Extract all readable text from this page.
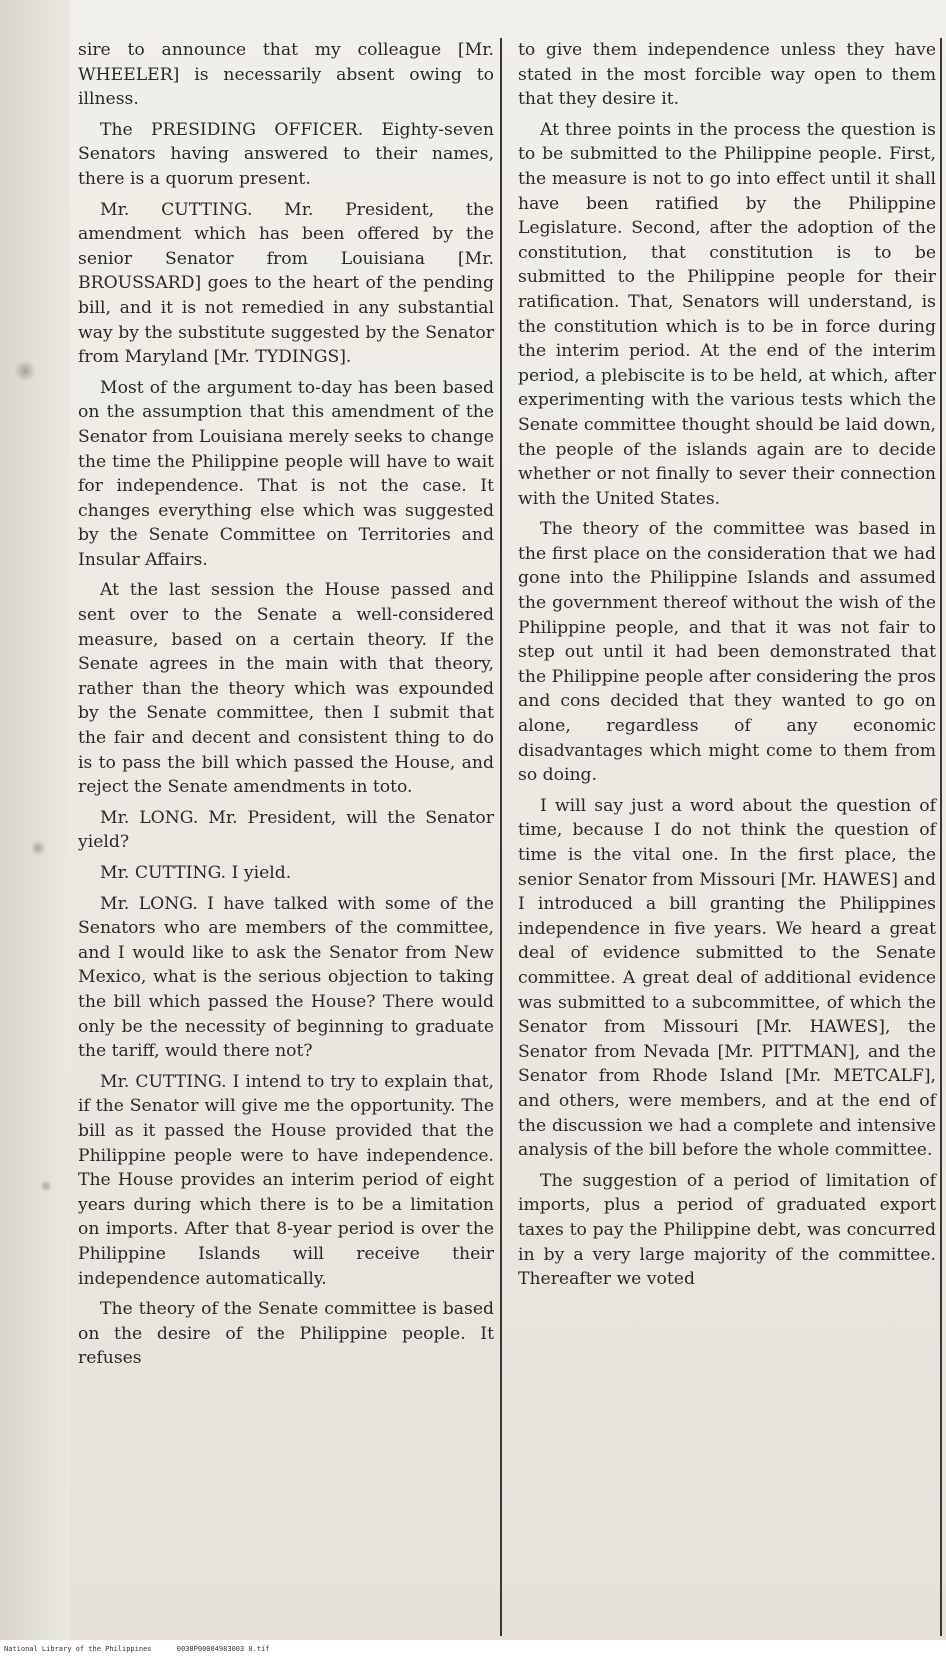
sire to announce that my colleague [Mr. WHEELER] is necessarily absent owing to illness.

The PRESIDING OFFICER. Eighty-seven Senators having answered to their names, there is a quorum present.

Mr. CUTTING. Mr. President, the amendment which has been offered by the senior Senator from Louisiana [Mr. BROUSSARD] goes to the heart of the pending bill, and it is not remedied in any substantial way by the substitute suggested by the Senator from Maryland [Mr. TYDINGS].

Most of the argument to-day has been based on the assumption that this amendment of the Senator from Louisiana merely seeks to change the time the Philippine people will have to wait for independence. That is not the case. It changes everything else which was suggested by the Senate Committee on Territories and Insular Affairs.

At the last session the House passed and sent over to the Senate a well-considered measure, based on a certain theory. If the Senate agrees in the main with that theory, rather than the theory which was expounded by the Senate committee, then I submit that the fair and decent and consistent thing to do is to pass the bill which passed the House, and reject the Senate amendments in toto.

Mr. LONG. Mr. President, will the Senator yield?

Mr. CUTTING. I yield.

Mr. LONG. I have talked with some of the Senators who are members of the committee, and I would like to ask the Senator from New Mexico, what is the serious objection to taking the bill which passed the House? There would only be the necessity of beginning to graduate the tariff, would there not?

Mr. CUTTING. I intend to try to explain that, if the Senator will give me the opportunity. The bill as it passed the House provided that the Philippine people were to have independence. The House provides an interim period of eight years during which there is to be a limitation on imports. After that 8-year period is over the Philippine Islands will receive their independence automatically.

The theory of the Senate committee is based on the desire of the Philippine people. It refuses

to give them independence unless they have stated in the most forcible way open to them that they desire it.

At three points in the process the question is to be submitted to the Philippine people. First, the measure is not to go into effect until it shall have been ratified by the Philippine Legislature. Second, after the adoption of the constitution, that constitution is to be submitted to the Philippine people for their ratification. That, Senators will understand, is the constitution which is to be in force during the interim period. At the end of the interim period, a plebiscite is to be held, at which, after experimenting with the various tests which the Senate committee thought should be laid down, the people of the islands again are to decide whether or not finally to sever their connection with the United States.

The theory of the committee was based in the first place on the consideration that we had gone into the Philippine Islands and assumed the government thereof without the wish of the Philippine people, and that it was not fair to step out until it had been demonstrated that the Philippine people after considering the pros and cons decided that they wanted to go on alone, regardless of any economic disadvantages which might come to them from so doing.

I will say just a word about the question of time, because I do not think the question of time is the vital one. In the first place, the senior Senator from Missouri [Mr. HAWES] and I introduced a bill granting the Philippines independence in five years. We heard a great deal of evidence submitted to the Senate committee. A great deal of additional evidence was submitted to a subcommittee, of which the Senator from Missouri [Mr. HAWES], the Senator from Nevada [Mr. PITTMAN], and the Senator from Rhode Island [Mr. METCALF], and others, were members, and at the end of the discussion we had a complete and intensive analysis of the bill before the whole committee.

The suggestion of a period of limitation of imports, plus a period of graduated export taxes to pay the Philippine debt, was concurred in by a very large majority of the committee. Thereafter we voted

National Library of the Philippines      0038P00004983003 0.tif
